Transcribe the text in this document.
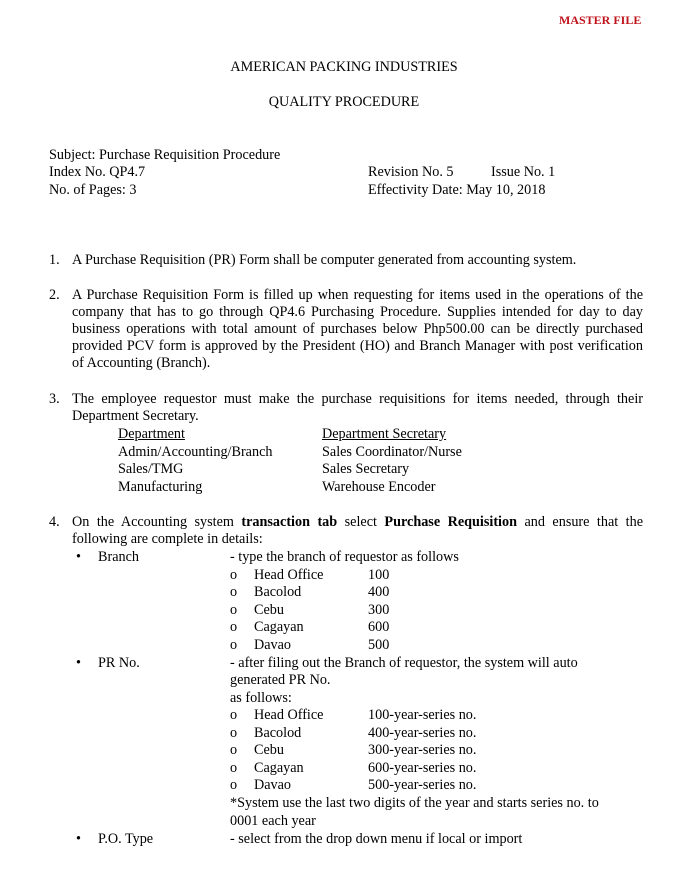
MASTER FILE
AMERICAN PACKING INDUSTRIES
QUALITY PROCEDURE
Subject: Purchase Requisition Procedure
Index No. QP4.7
No. of Pages: 3
Revision No. 5	Issue No. 1
Effectivity Date: May 10, 2018
1. A Purchase Requisition (PR) Form shall be computer generated from accounting system.
2. A Purchase Requisition Form is filled up when requesting for items used in the operations of the company that has to go through QP4.6 Purchasing Procedure. Supplies intended for day to day business operations with total amount of purchases below Php500.00 can be directly purchased provided PCV form is approved by the President (HO) and Branch Manager with post verification of Accounting (Branch).
3. The employee requestor must make the purchase requisitions for items needed, through their Department Secretary.
Department	Department Secretary
Admin/Accounting/Branch	Sales Coordinator/Nurse
Sales/TMG	Sales Secretary
Manufacturing	Warehouse Encoder
4. On the Accounting system transaction tab select Purchase Requisition and ensure that the following are complete in details:
• Branch	- type the branch of requestor as follows
o Head Office	100
o Bacolod	400
o Cebu	300
o Cagayan	600
o Davao	500
• PR No.	- after filing out the Branch of requestor, the system will auto
generated PR No.
as follows:
o Head Office	100-year-series no.
o Bacolod	400-year-series no.
o Cebu	300-year-series no.
o Cagayan	600-year-series no.
o Davao	500-year-series no.
*System use the last two digits of the year and starts series no. to
0001 each year
• P.O. Type	- select from the drop down menu if local or import
